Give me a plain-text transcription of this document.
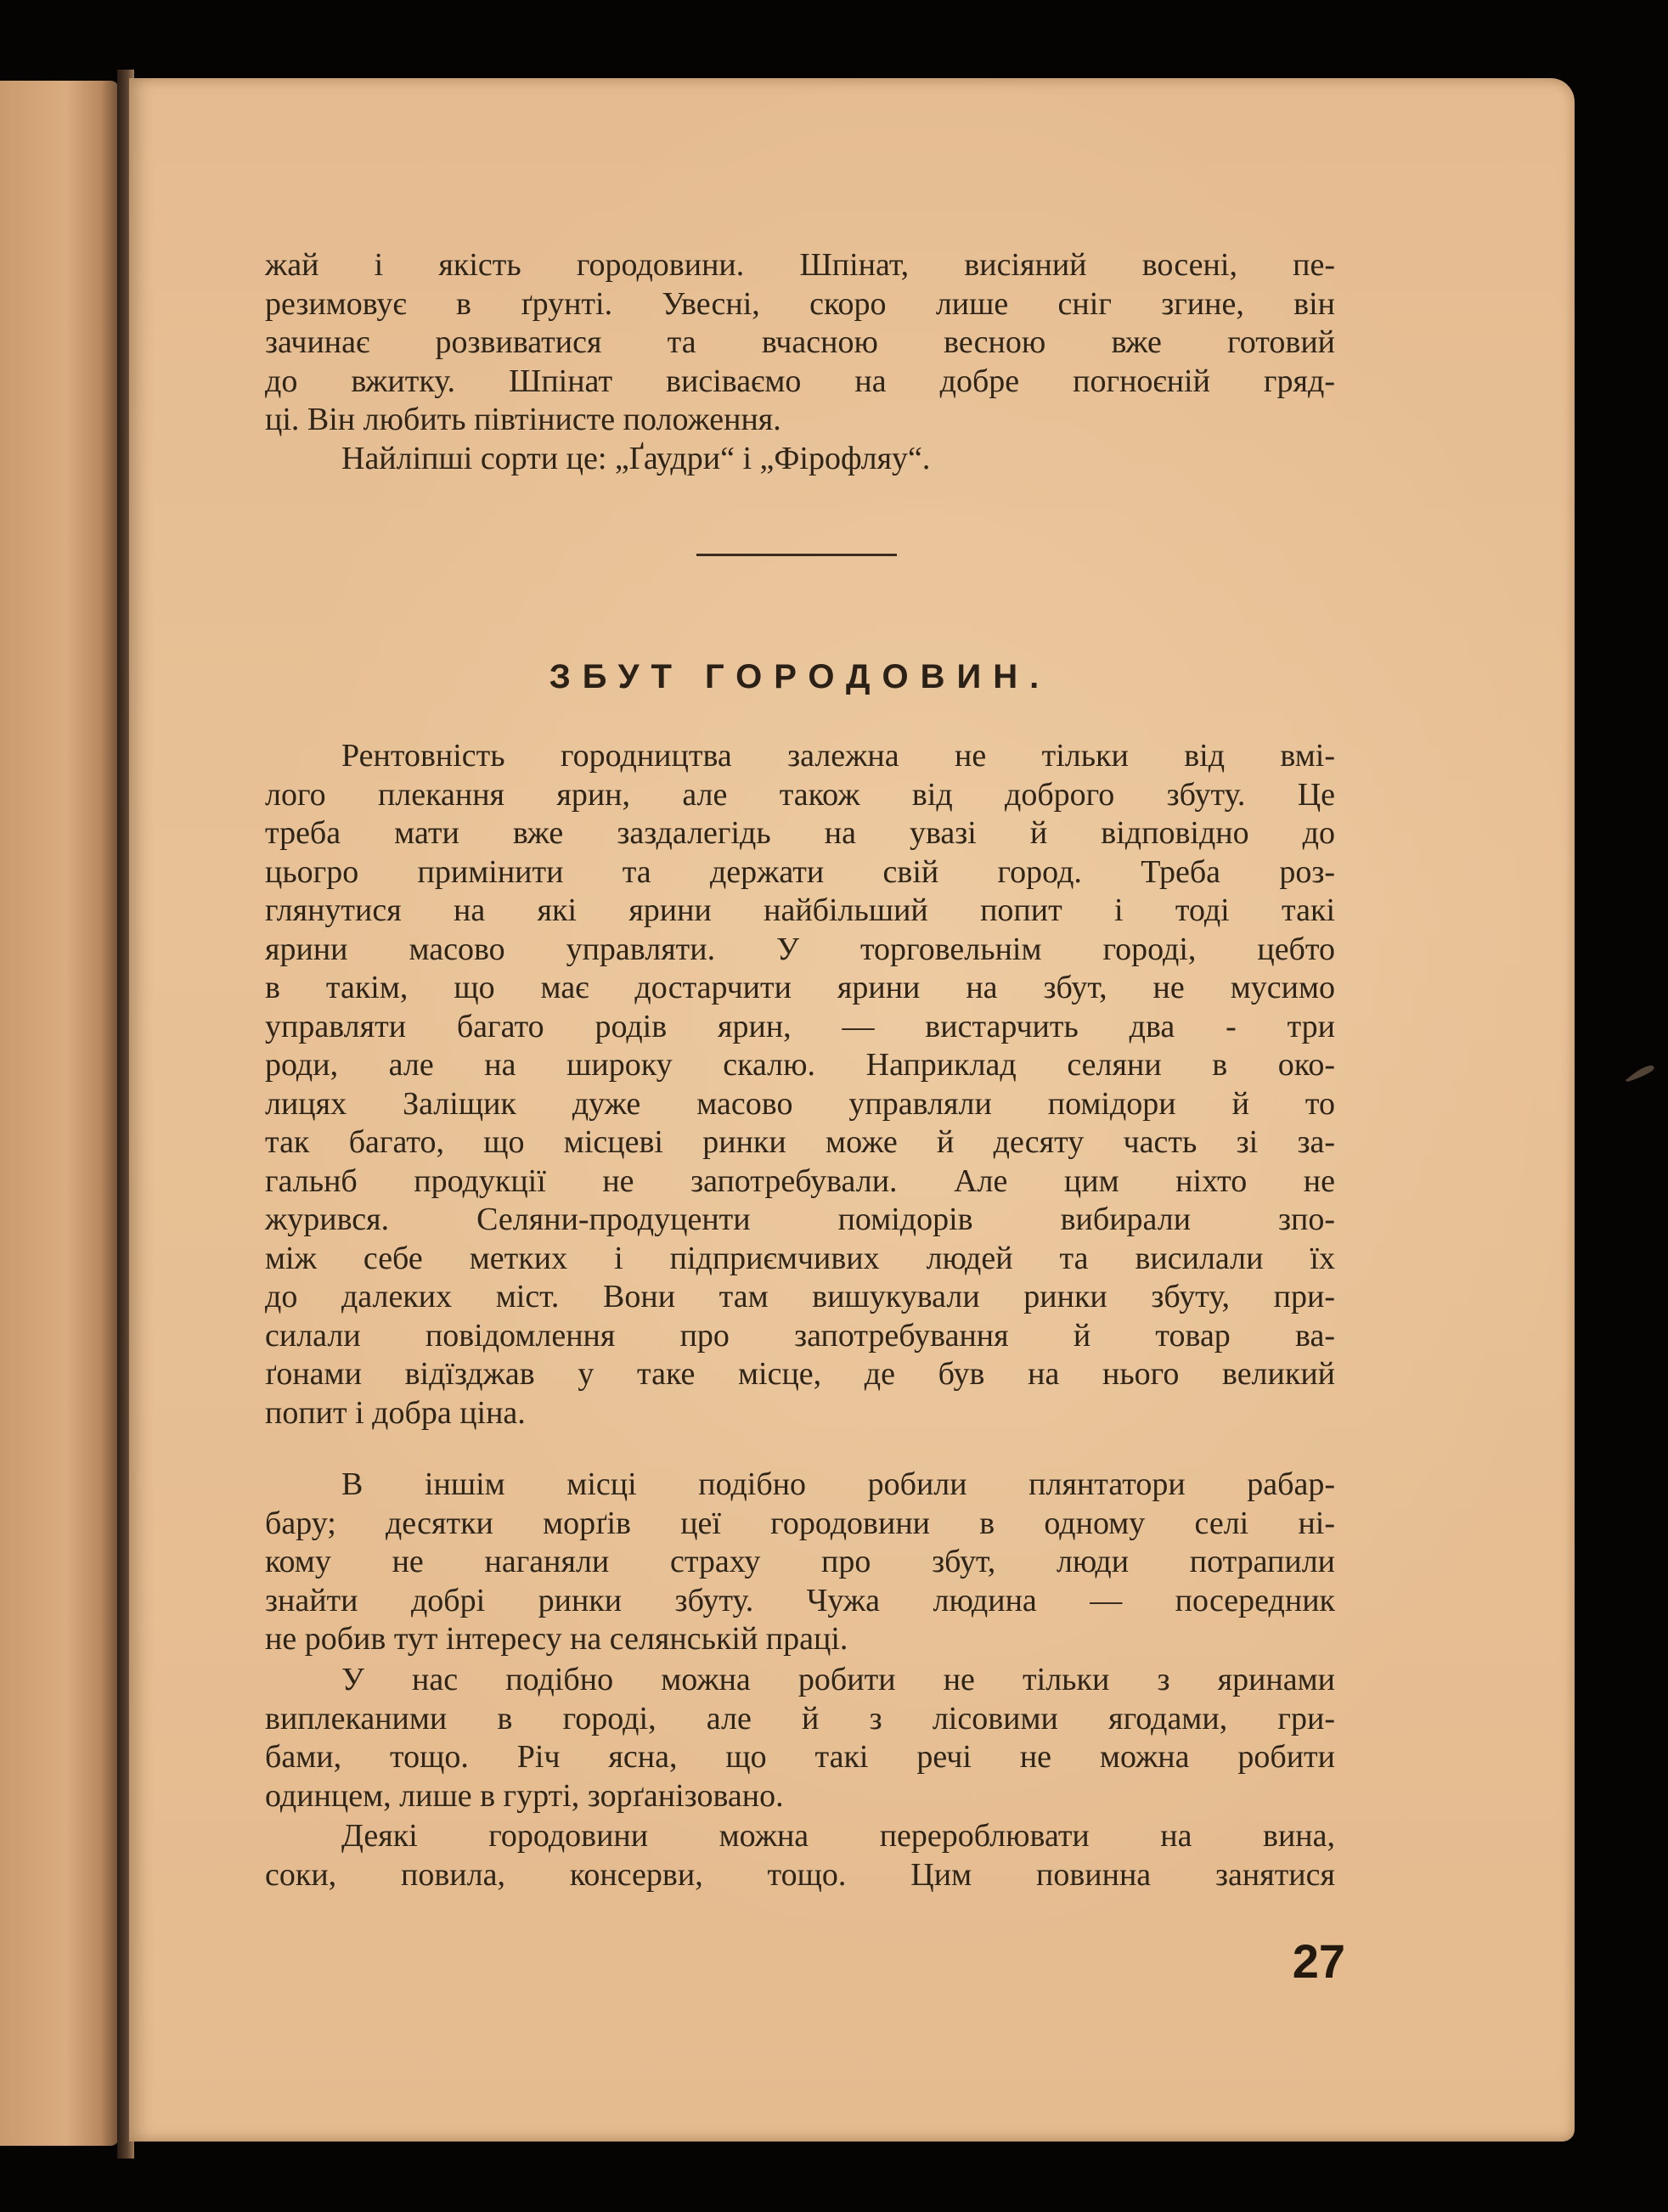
жай і якість городовини. Шпінат, висіяний восені, пе-
резимовує в ґрунті. Увесні, скоро лише сніг згине, він
зачинає розвиватися та вчасною весною вже готовий
до вжитку. Шпінат висіваємо на добре погноєній гряд-
ці. Він любить півтінисте положення.
Найліпші сорти це: „Ґаудри“ і „Фірофляу“.
ЗБУТ ГОРОДОВИН.
Рентовність городництва залежна не тільки від вмі-
лого плекання ярин, але також від доброго збуту. Це
треба мати вже заздалегідь на увазі й відповідно до
цьогро примінити та держати свій город. Треба роз-
глянутися на які ярини найбільший попит і тоді такі
ярини масово управляти. У торговельнім городі, цебто
в такім, що має достарчити ярини на збут, не мусимо
управляти багато родів ярин, — вистарчить два - три
роди, але на широку скалю. Наприклад селяни в око-
лицях Заліщик дуже масово управляли помідори й то
так багато, що місцеві ринки може й десяту часть зі за-
гальнб продукції не запотребували. Але цим ніхто не
журився. Селяни-продуценти помідорів вибирали зпо-
між себе метких і підприємчивих людей та висилали їх
до далеких міст. Вони там вишукували ринки збуту, при-
силали повідомлення про запотребування й товар ва-
ґонами відїзджав у таке місце, де був на нього великий
попит і добра ціна.
В іншім місці подібно робили плянтатори рабар-
бару; десятки морґів цеї городовини в одному селі ні-
кому не наганяли страху про збут, люди потрапили
знайти добрі ринки збуту. Чужа людина — посередник
не робив тут інтересу на селянській праці.
У нас подібно можна робити не тільки з яринами
виплеканими в городі, але й з лісовими ягодами, гри-
бами, тощо. Річ ясна, що такі речі не можна робити
одинцем, лише в гурті, зорґанізовано.
Деякі городовини можна перероблювати на вина,
соки, повила, консерви, тощо. Цим повинна занятися
27
